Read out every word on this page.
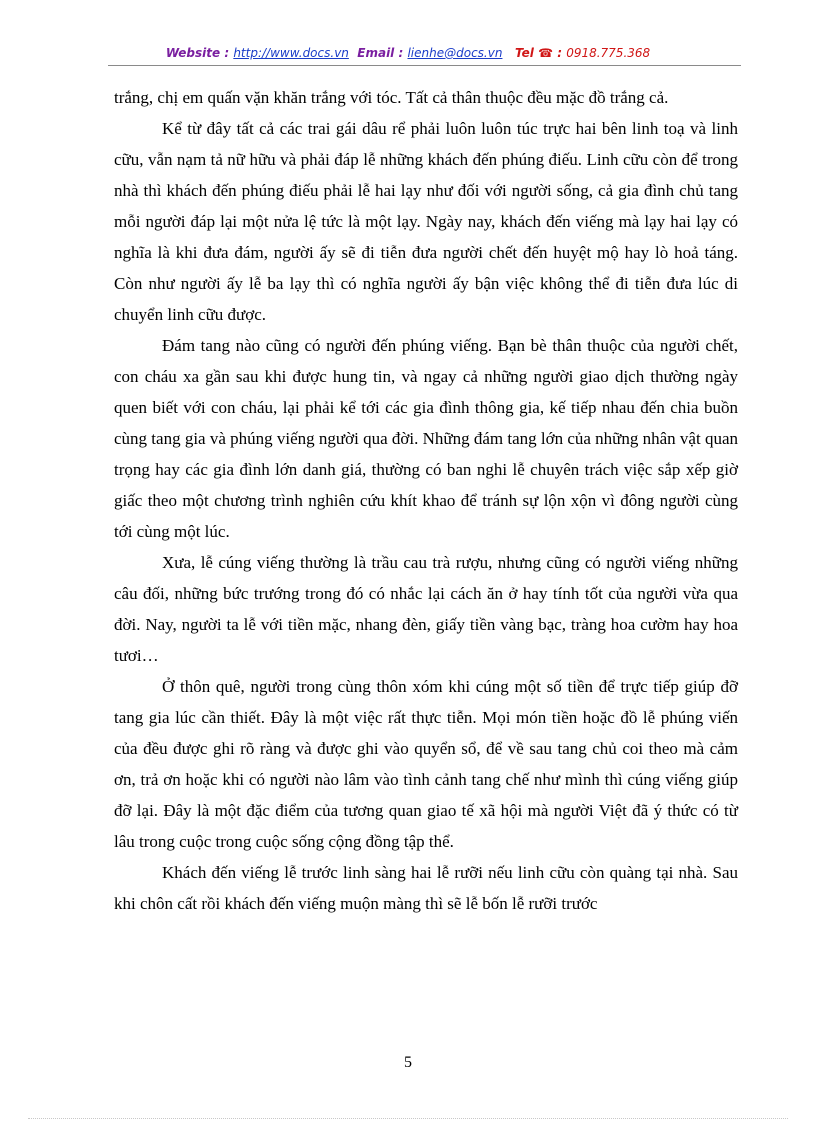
Website : http://www.docs.vn Email : lienhe@docs.vn Tel ☎ : 0918.775.368

trắng, chị em quấn vặn khăn trắng với tóc. Tất cả thân thuộc đều mặc đồ trắng cả.

Kể từ đây tất cả các trai gái dâu rể phải luôn luôn túc trực hai bên linh toạ và linh cữu, vẫn nạm tả nữ hữu và phải đáp lễ những khách đến phúng điếu. Linh cữu còn để trong nhà thì khách đến phúng điếu phải lễ hai lạy như đối với người sống, cả gia đình chủ tang mỗi người đáp lại một nửa lệ tức là một lạy. Ngày nay, khách đến viếng mà lạy hai lạy có nghĩa là khi đưa đám, người ấy sẽ đi tiễn đưa người chết đến huyệt mộ hay lò hoả táng. Còn như người ấy lễ ba lạy thì có nghĩa người ấy bận việc không thể đi tiễn đưa lúc di chuyển linh cữu được.

Đám tang nào cũng có người đến phúng viếng. Bạn bè thân thuộc của người chết, con cháu xa gần sau khi được hung tin, và ngay cả những người giao dịch thường ngày quen biết với con cháu, lại phải kể tới các gia đình thông gia, kế tiếp nhau đến chia buồn cùng tang gia và phúng viếng người qua đời. Những đám tang lớn của những nhân vật quan trọng hay các gia đình lớn danh giá, thường có ban nghi lễ chuyên trách việc sắp xếp giờ giấc theo một chương trình nghiên cứu khít khao để tránh sự lộn xộn vì đông người cùng tới cùng một lúc.

Xưa, lễ cúng viếng thường là trầu cau trà rượu, nhưng cũng có người viếng những câu đối, những bức trướng trong đó có nhắc lại cách ăn ở hay tính tốt của người vừa qua đời. Nay, người ta lễ với tiền mặc, nhang đèn, giấy tiền vàng bạc, tràng hoa cườm hay hoa tươi…

Ở thôn quê, người trong cùng thôn xóm khi cúng một số tiền để trực tiếp giúp đỡ tang gia lúc cần thiết. Đây là một việc rất thực tiễn. Mọi món tiền hoặc đồ lễ phúng viến của đều được ghi rõ ràng và được ghi vào quyển sổ, để về sau tang chủ coi theo mà cảm ơn, trả ơn hoặc khi có người nào lâm vào tình cảnh tang chế như mình thì cúng viếng giúp đỡ lại. Đây là một đặc điểm của tương quan giao tế xã hội mà người Việt đã ý thức có từ lâu trong cuộc trong cuộc sống cộng đồng tập thể.

Khách đến viếng lễ trước linh sàng hai lễ rưỡi nếu linh cữu còn quàng tại nhà. Sau khi chôn cất rồi khách đến viếng muộn màng thì sẽ lễ bốn lễ rưỡi trước

5
